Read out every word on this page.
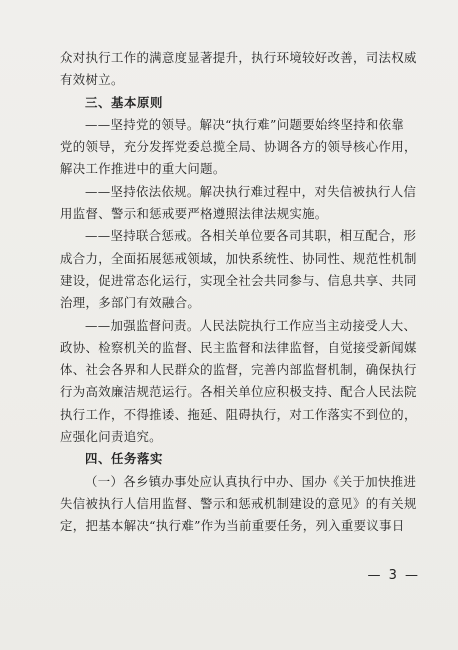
众对执行工作的满意度显著提升，执行环境较好改善，司法权威
有效树立。
三、基本原则
——坚持党的领导。解决“执行难”问题要始终坚持和依靠
党的领导，充分发挥党委总揽全局、协调各方的领导核心作用，
解决工作推进中的重大问题。
——坚持依法依规。解决执行难过程中，对失信被执行人信
用监督、警示和惩戒要严格遵照法律法规实施。
——坚持联合惩戒。各相关单位要各司其职，相互配合，形
成合力，全面拓展惩戒领域，加快系统性、协同性、规范性机制
建设，促进常态化运行，实现全社会共同参与、信息共享、共同
治理，多部门有效融合。
——加强监督问责。人民法院执行工作应当主动接受人大、
政协、检察机关的监督、民主监督和法律监督，自觉接受新闻媒
体、社会各界和人民群众的监督，完善内部监督机制，确保执行
行为高效廉洁规范运行。各相关单位应积极支持、配合人民法院
执行工作，不得推诿、拖延、阻碍执行，对工作落实不到位的，
应强化问责追究。
四、任务落实
（一）各乡镇办事处应认真执行中办、国办《关于加快推进
失信被执行人信用监督、警示和惩戒机制建设的意见》的有关规
定，把基本解决“执行难”作为当前重要任务，列入重要议事日
— 3 —
